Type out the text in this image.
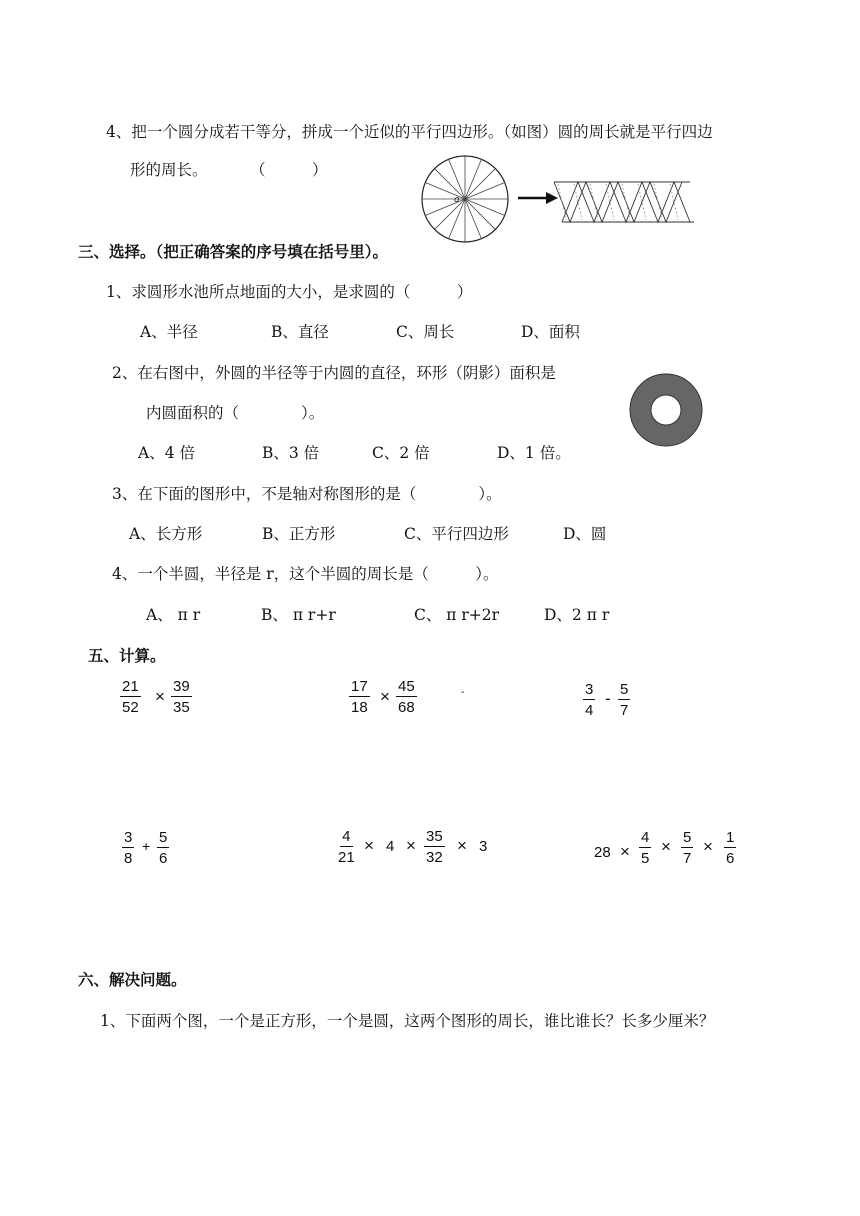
4、把一个圆分成若干等分，拼成一个近似的平行四边形。（如图）圆的周长就是平行四边
形的周长。	（　　　）
o
三、选择。（把正确答案的序号填在括号里）。
1、求圆形水池所点地面的大小，是求圆的（　　　）
A、半径	B、直径	C、周长	D、面积
2、在右图中，外圆的半径等于内圆的直径，环形（阴影）面积是
内圆面积的（　　　　）。
A、4 倍	B、3 倍	C、2 倍	D、1 倍。
3、在下面的图形中，不是轴对称图形的是（　　　　）。
A、长方形	B、正方形	C、平行四边形	D、圆
4、一个半圆，半径是 r，这个半圆的周长是（　　　）。
A、 π r	B、 π r+r	C、 π r+2r	D、2 π r
五、计算。
$\frac{21}{52} \times \frac{39}{35}$	$\frac{17}{18} \times \frac{45}{68}$	-	$\frac{3}{4} - \frac{5}{7}$
$\frac{3}{8} + \frac{5}{6}$	$\frac{4}{21} \times 4 \times \frac{35}{32} \times 3$	$28 \times \frac{4}{5} \times \frac{5}{7} \times \frac{1}{6}$
六、解决问题。
1、下面两个图，一个是正方形，一个是圆，这两个图形的周长，谁比谁长？长多少厘米？
